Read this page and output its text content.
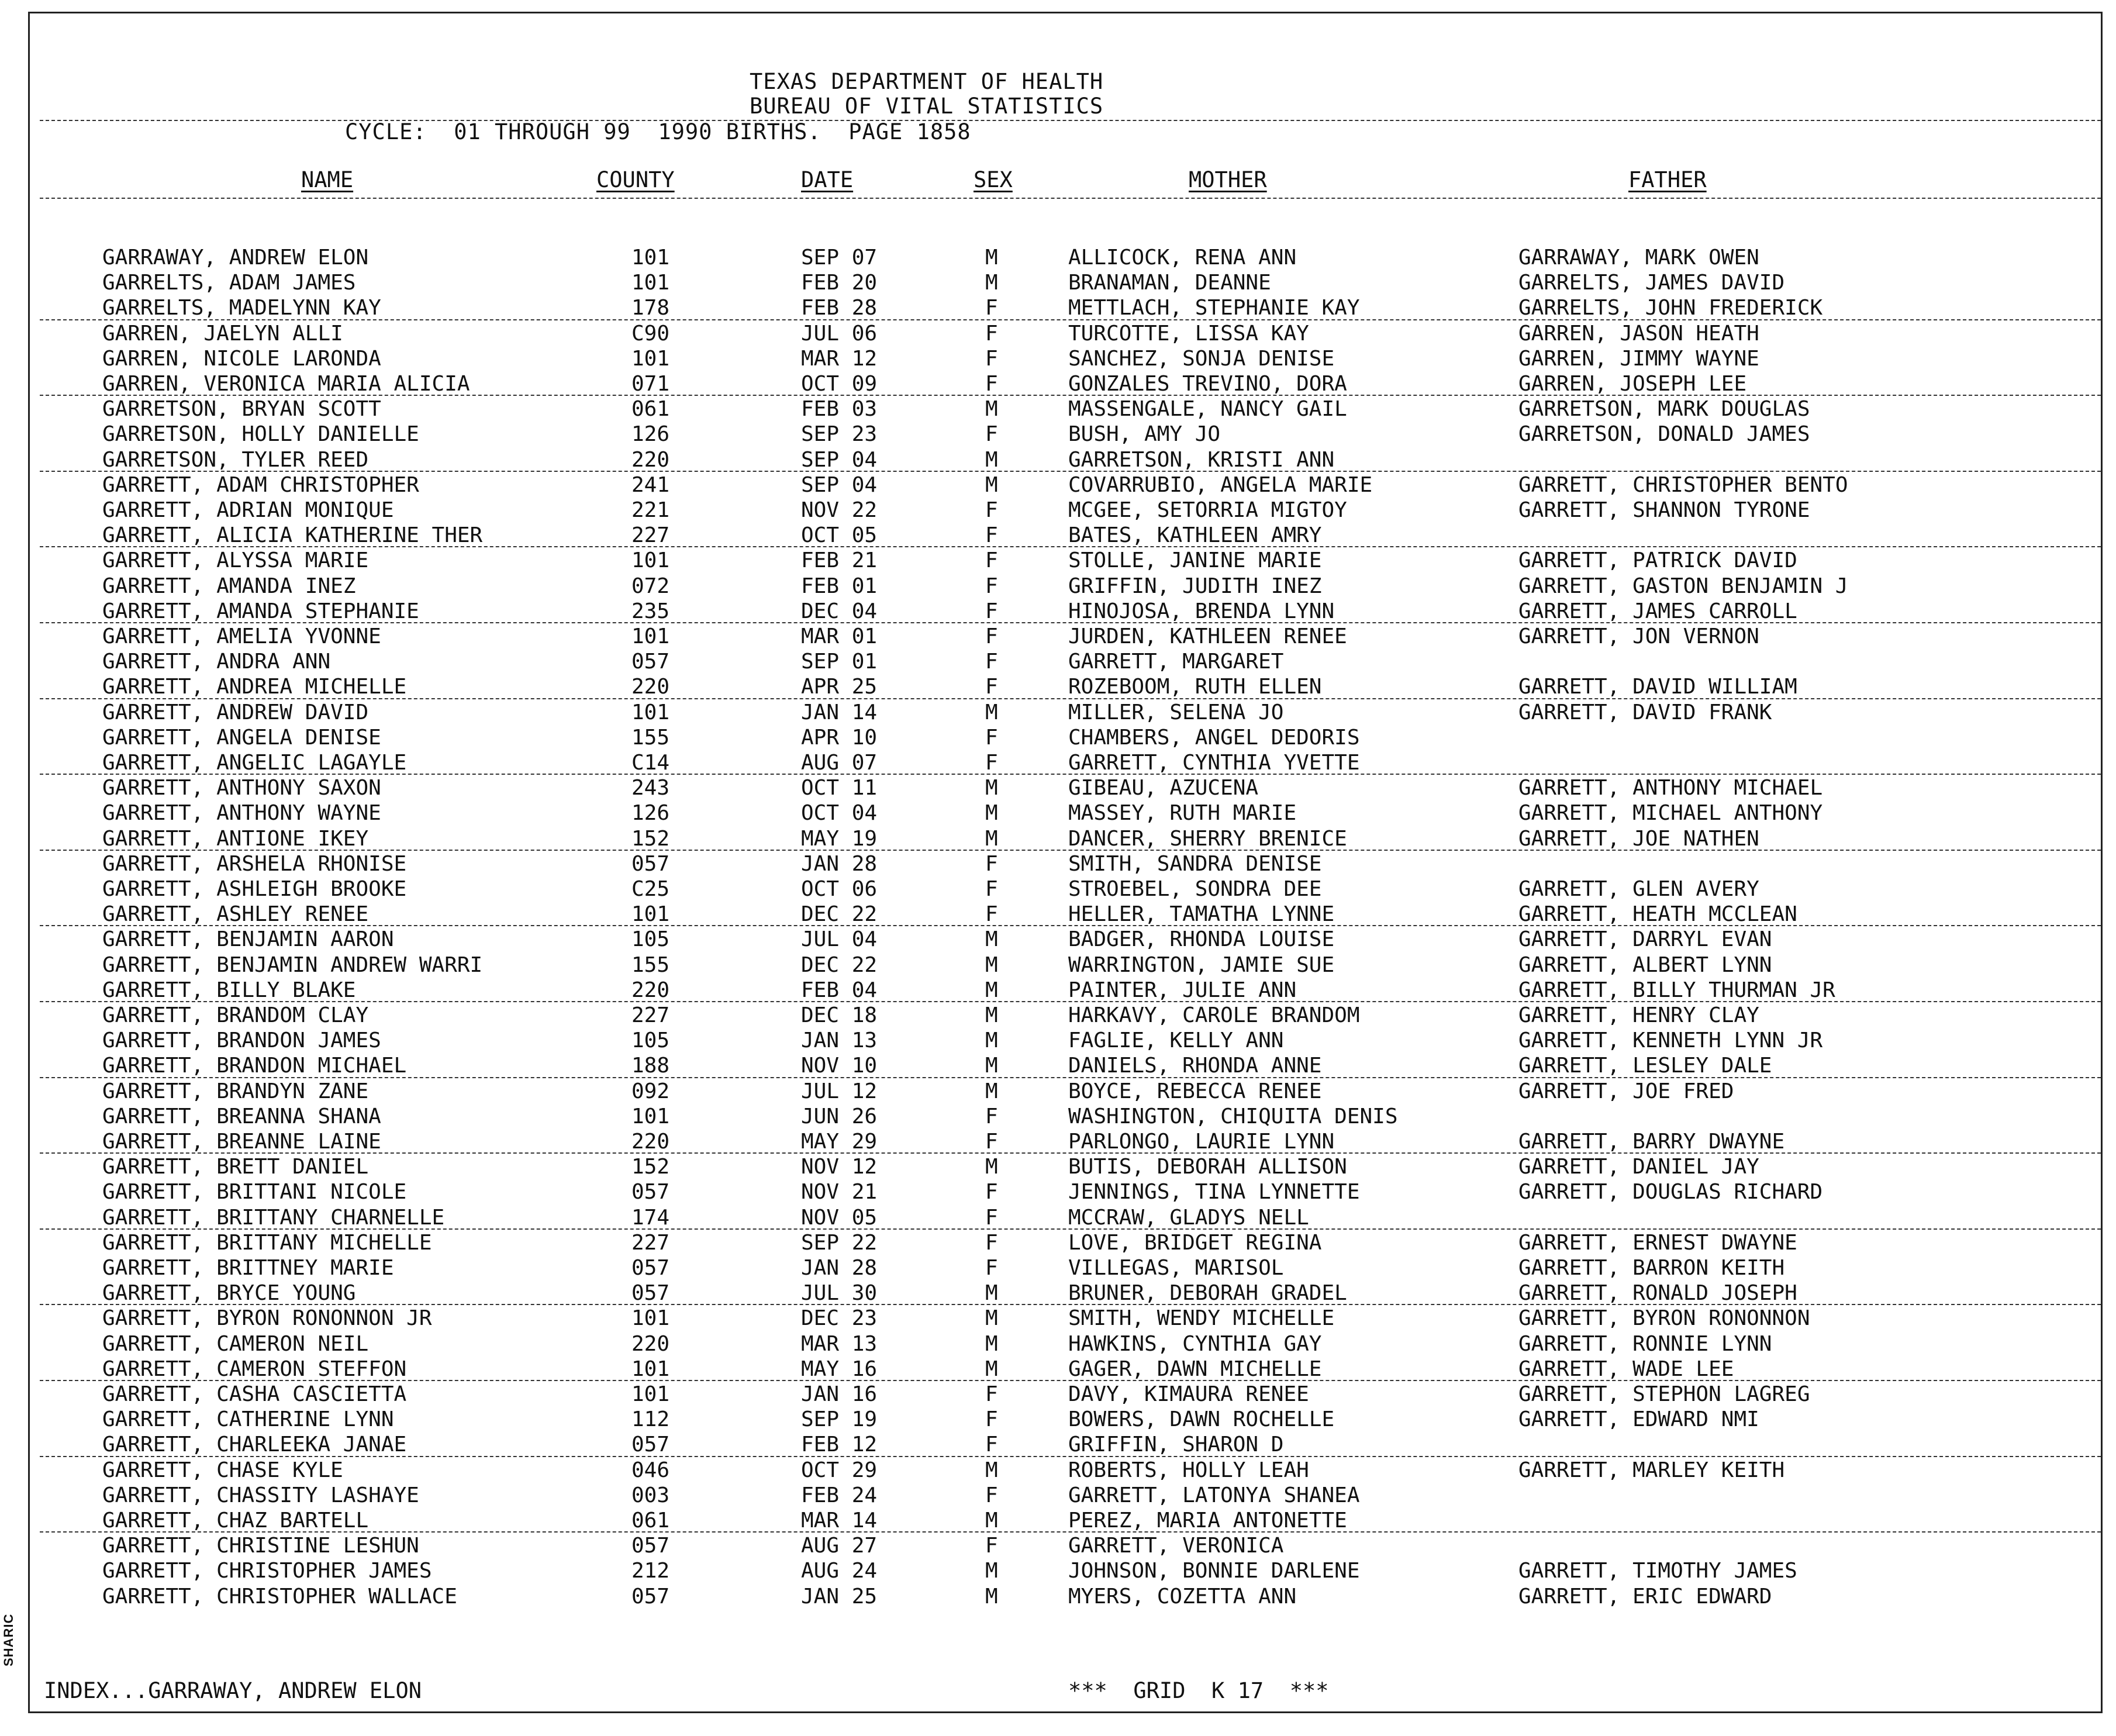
SHARIC
TEXAS DEPARTMENT OF HEALTH
BUREAU OF VITAL STATISTICS
CYCLE:  01 THROUGH 99  1990 BIRTHS.  PAGE 1858
NAME	COUNTY	DATE	SEX	MOTHER	FATHER
GARRAWAY, ANDREW ELON	101	SEP 07	M	ALLICOCK, RENA ANN	GARRAWAY, MARK OWEN
GARRELTS, ADAM JAMES	101	FEB 20	M	BRANAMAN, DEANNE	GARRELTS, JAMES DAVID
GARRELTS, MADELYNN KAY	178	FEB 28	F	METTLACH, STEPHANIE KAY	GARRELTS, JOHN FREDERICK
GARREN, JAELYN ALLI	C90	JUL 06	F	TURCOTTE, LISSA KAY	GARREN, JASON HEATH
GARREN, NICOLE LARONDA	101	MAR 12	F	SANCHEZ, SONJA DENISE	GARREN, JIMMY WAYNE
GARREN, VERONICA MARIA ALICIA	071	OCT 09	F	GONZALES TREVINO, DORA	GARREN, JOSEPH LEE
GARRETSON, BRYAN SCOTT	061	FEB 03	M	MASSENGALE, NANCY GAIL	GARRETSON, MARK DOUGLAS
GARRETSON, HOLLY DANIELLE	126	SEP 23	F	BUSH, AMY JO	GARRETSON, DONALD JAMES
GARRETSON, TYLER REED	220	SEP 04	M	GARRETSON, KRISTI ANN
GARRETT, ADAM CHRISTOPHER	241	SEP 04	M	COVARRUBIO, ANGELA MARIE	GARRETT, CHRISTOPHER BENTO
GARRETT, ADRIAN MONIQUE	221	NOV 22	F	MCGEE, SETORRIA MIGTOY	GARRETT, SHANNON TYRONE
GARRETT, ALICIA KATHERINE THER	227	OCT 05	F	BATES, KATHLEEN AMRY
GARRETT, ALYSSA MARIE	101	FEB 21	F	STOLLE, JANINE MARIE	GARRETT, PATRICK DAVID
GARRETT, AMANDA INEZ	072	FEB 01	F	GRIFFIN, JUDITH INEZ	GARRETT, GASTON BENJAMIN J
GARRETT, AMANDA STEPHANIE	235	DEC 04	F	HINOJOSA, BRENDA LYNN	GARRETT, JAMES CARROLL
GARRETT, AMELIA YVONNE	101	MAR 01	F	JURDEN, KATHLEEN RENEE	GARRETT, JON VERNON
GARRETT, ANDRA ANN	057	SEP 01	F	GARRETT, MARGARET
GARRETT, ANDREA MICHELLE	220	APR 25	F	ROZEBOOM, RUTH ELLEN	GARRETT, DAVID WILLIAM
GARRETT, ANDREW DAVID	101	JAN 14	M	MILLER, SELENA JO	GARRETT, DAVID FRANK
GARRETT, ANGELA DENISE	155	APR 10	F	CHAMBERS, ANGEL DEDORIS
GARRETT, ANGELIC LAGAYLE	C14	AUG 07	F	GARRETT, CYNTHIA YVETTE
GARRETT, ANTHONY SAXON	243	OCT 11	M	GIBEAU, AZUCENA	GARRETT, ANTHONY MICHAEL
GARRETT, ANTHONY WAYNE	126	OCT 04	M	MASSEY, RUTH MARIE	GARRETT, MICHAEL ANTHONY
GARRETT, ANTIONE IKEY	152	MAY 19	M	DANCER, SHERRY BRENICE	GARRETT, JOE NATHEN
GARRETT, ARSHELA RHONISE	057	JAN 28	F	SMITH, SANDRA DENISE
GARRETT, ASHLEIGH BROOKE	C25	OCT 06	F	STROEBEL, SONDRA DEE	GARRETT, GLEN AVERY
GARRETT, ASHLEY RENEE	101	DEC 22	F	HELLER, TAMATHA LYNNE	GARRETT, HEATH MCCLEAN
GARRETT, BENJAMIN AARON	105	JUL 04	M	BADGER, RHONDA LOUISE	GARRETT, DARRYL EVAN
GARRETT, BENJAMIN ANDREW WARRI	155	DEC 22	M	WARRINGTON, JAMIE SUE	GARRETT, ALBERT LYNN
GARRETT, BILLY BLAKE	220	FEB 04	M	PAINTER, JULIE ANN	GARRETT, BILLY THURMAN JR
GARRETT, BRANDOM CLAY	227	DEC 18	M	HARKAVY, CAROLE BRANDOM	GARRETT, HENRY CLAY
GARRETT, BRANDON JAMES	105	JAN 13	M	FAGLIE, KELLY ANN	GARRETT, KENNETH LYNN JR
GARRETT, BRANDON MICHAEL	188	NOV 10	M	DANIELS, RHONDA ANNE	GARRETT, LESLEY DALE
GARRETT, BRANDYN ZANE	092	JUL 12	M	BOYCE, REBECCA RENEE	GARRETT, JOE FRED
GARRETT, BREANNA SHANA	101	JUN 26	F	WASHINGTON, CHIQUITA DENIS
GARRETT, BREANNE LAINE	220	MAY 29	F	PARLONGO, LAURIE LYNN	GARRETT, BARRY DWAYNE
GARRETT, BRETT DANIEL	152	NOV 12	M	BUTIS, DEBORAH ALLISON	GARRETT, DANIEL JAY
GARRETT, BRITTANI NICOLE	057	NOV 21	F	JENNINGS, TINA LYNNETTE	GARRETT, DOUGLAS RICHARD
GARRETT, BRITTANY CHARNELLE	174	NOV 05	F	MCCRAW, GLADYS NELL
GARRETT, BRITTANY MICHELLE	227	SEP 22	F	LOVE, BRIDGET REGINA	GARRETT, ERNEST DWAYNE
GARRETT, BRITTNEY MARIE	057	JAN 28	F	VILLEGAS, MARISOL	GARRETT, BARRON KEITH
GARRETT, BRYCE YOUNG	057	JUL 30	M	BRUNER, DEBORAH GRADEL	GARRETT, RONALD JOSEPH
GARRETT, BYRON RONONNON JR	101	DEC 23	M	SMITH, WENDY MICHELLE	GARRETT, BYRON RONONNON
GARRETT, CAMERON NEIL	220	MAR 13	M	HAWKINS, CYNTHIA GAY	GARRETT, RONNIE LYNN
GARRETT, CAMERON STEFFON	101	MAY 16	M	GAGER, DAWN MICHELLE	GARRETT, WADE LEE
GARRETT, CASHA CASCIETTA	101	JAN 16	F	DAVY, KIMAURA RENEE	GARRETT, STEPHON LAGREG
GARRETT, CATHERINE LYNN	112	SEP 19	F	BOWERS, DAWN ROCHELLE	GARRETT, EDWARD NMI
GARRETT, CHARLEEKA JANAE	057	FEB 12	F	GRIFFIN, SHARON D
GARRETT, CHASE KYLE	046	OCT 29	M	ROBERTS, HOLLY LEAH	GARRETT, MARLEY KEITH
GARRETT, CHASSITY LASHAYE	003	FEB 24	F	GARRETT, LATONYA SHANEA
GARRETT, CHAZ BARTELL	061	MAR 14	M	PEREZ, MARIA ANTONETTE
GARRETT, CHRISTINE LESHUN	057	AUG 27	F	GARRETT, VERONICA
GARRETT, CHRISTOPHER JAMES	212	AUG 24	M	JOHNSON, BONNIE DARLENE	GARRETT, TIMOTHY JAMES
GARRETT, CHRISTOPHER WALLACE	057	JAN 25	M	MYERS, COZETTA ANN	GARRETT, ERIC EDWARD
INDEX...GARRAWAY, ANDREW ELON	***  GRID  K 17  ***
